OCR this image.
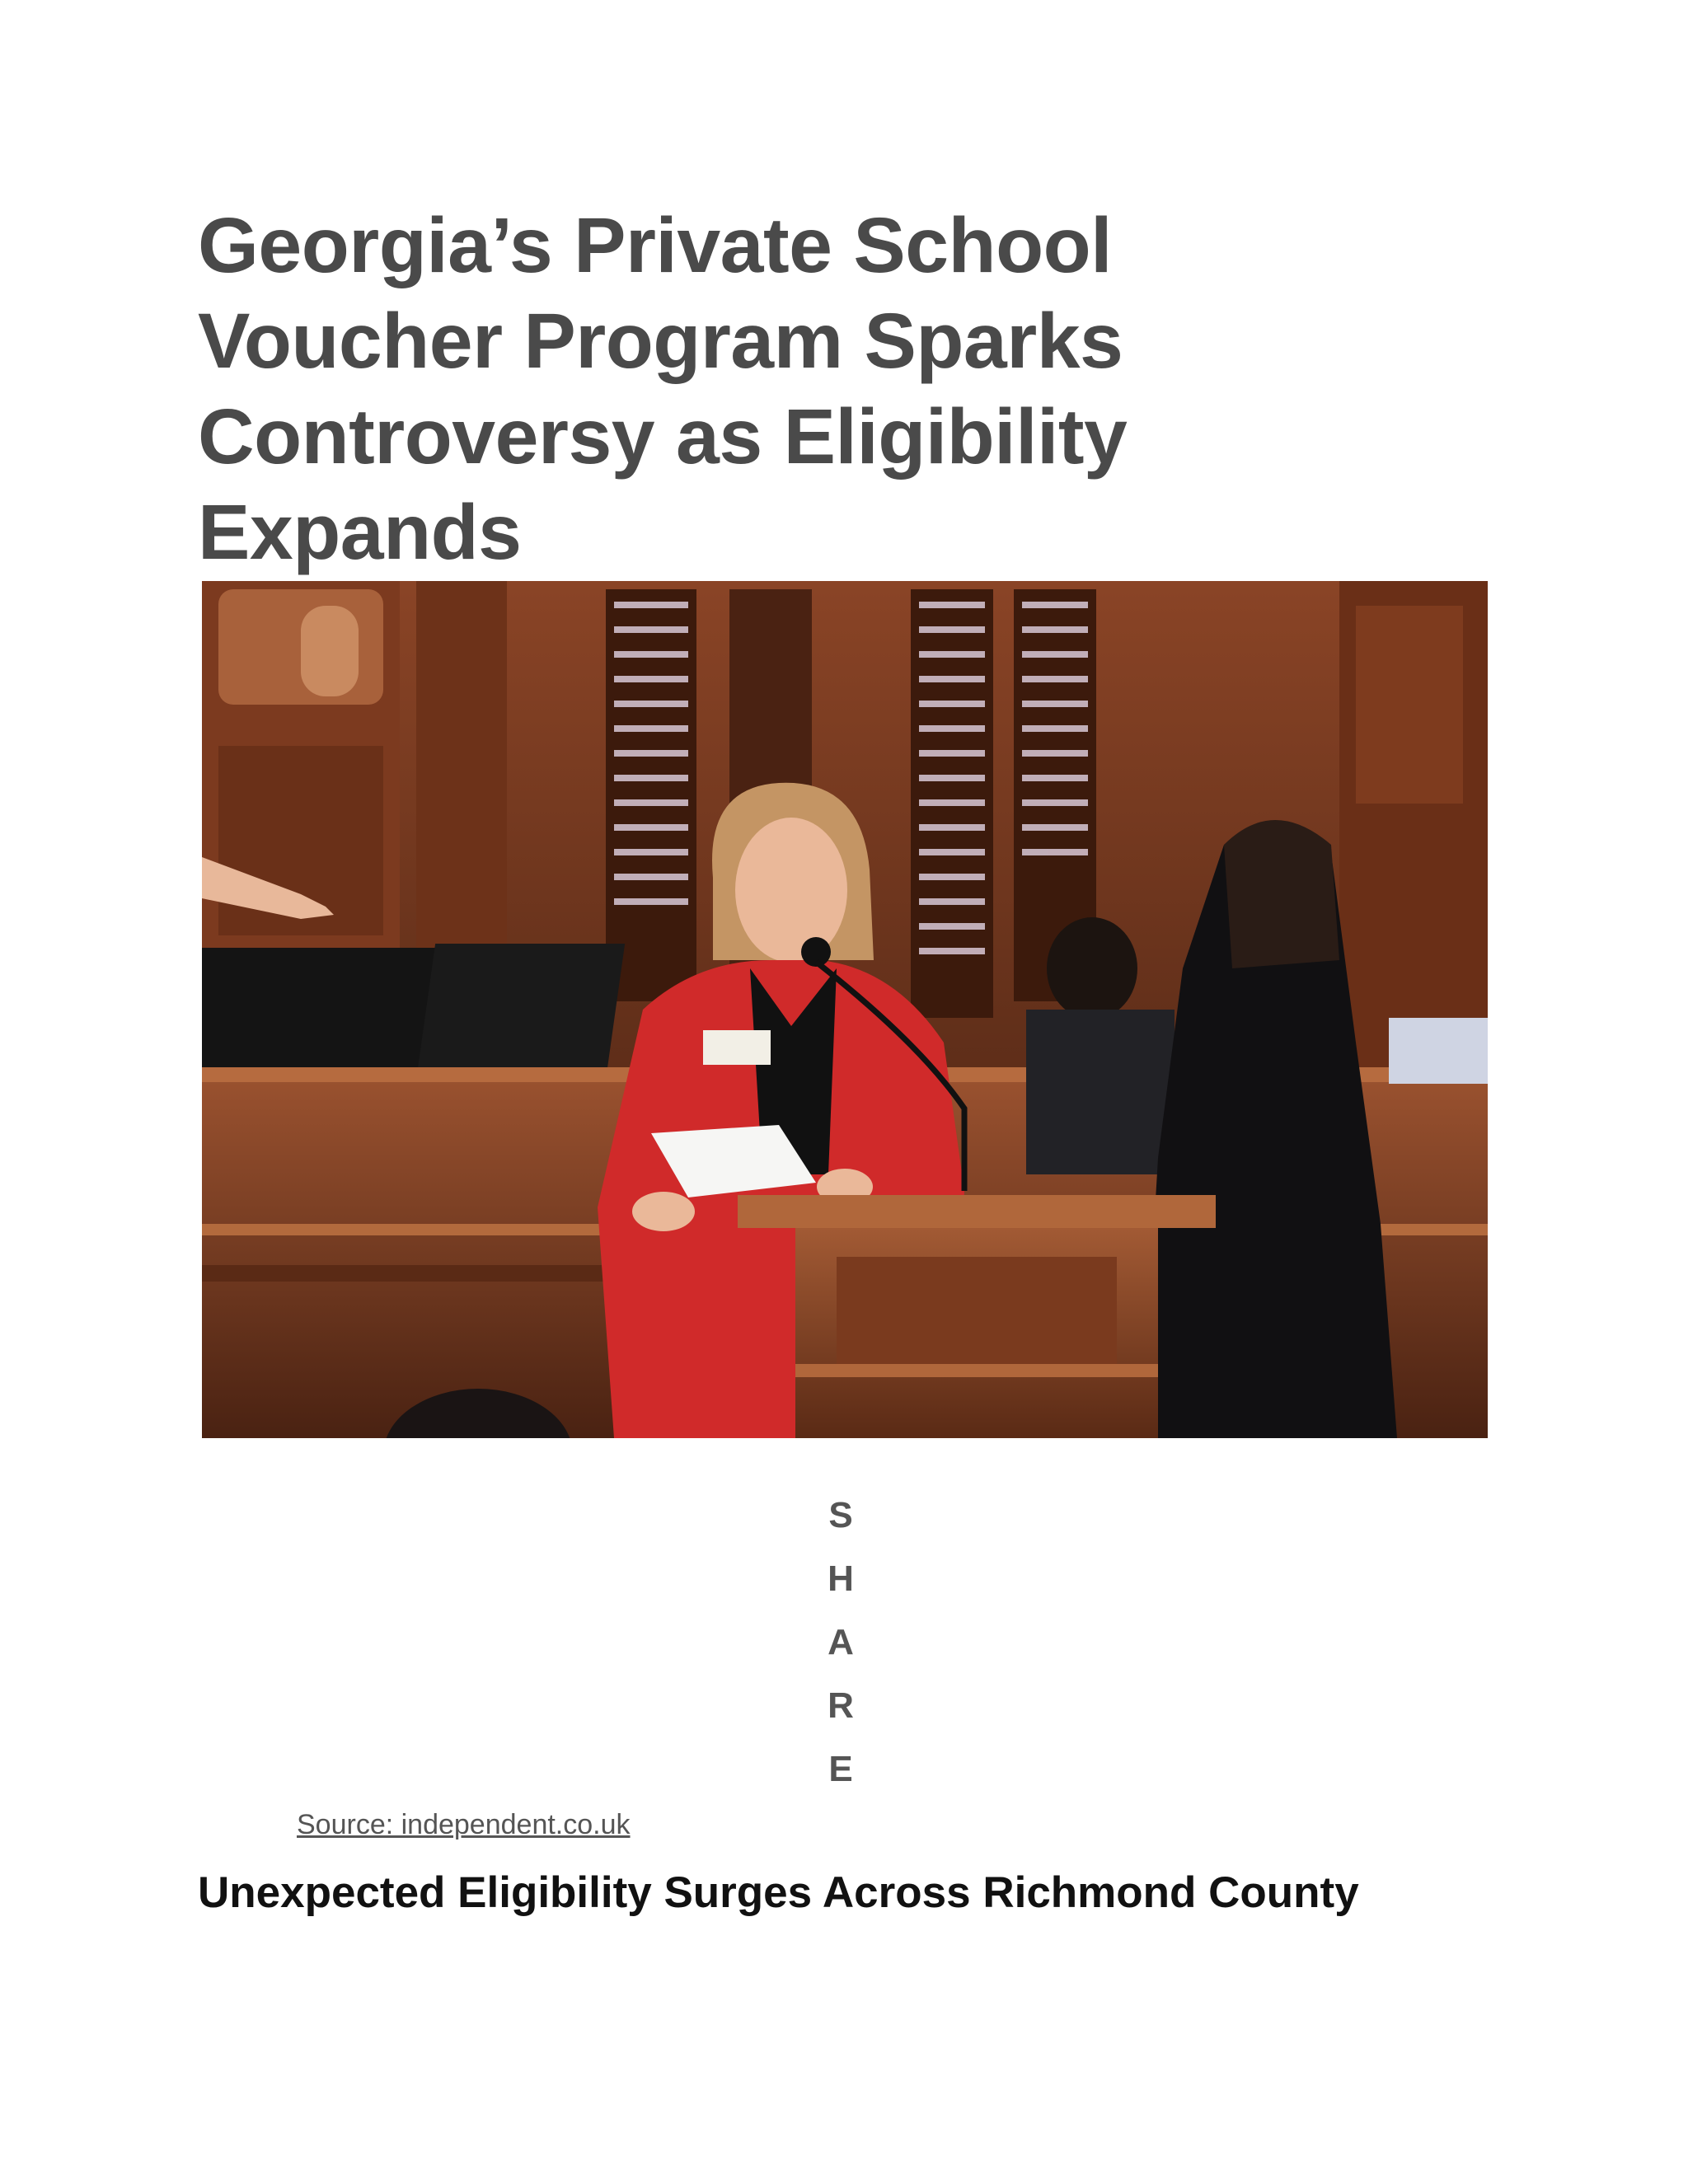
Georgia’s Private School Voucher Program Sparks Controversy as Eligibility Expands
S
H
A
R
E
Source: independent.co.uk
Unexpected Eligibility Surges Across Richmond County
